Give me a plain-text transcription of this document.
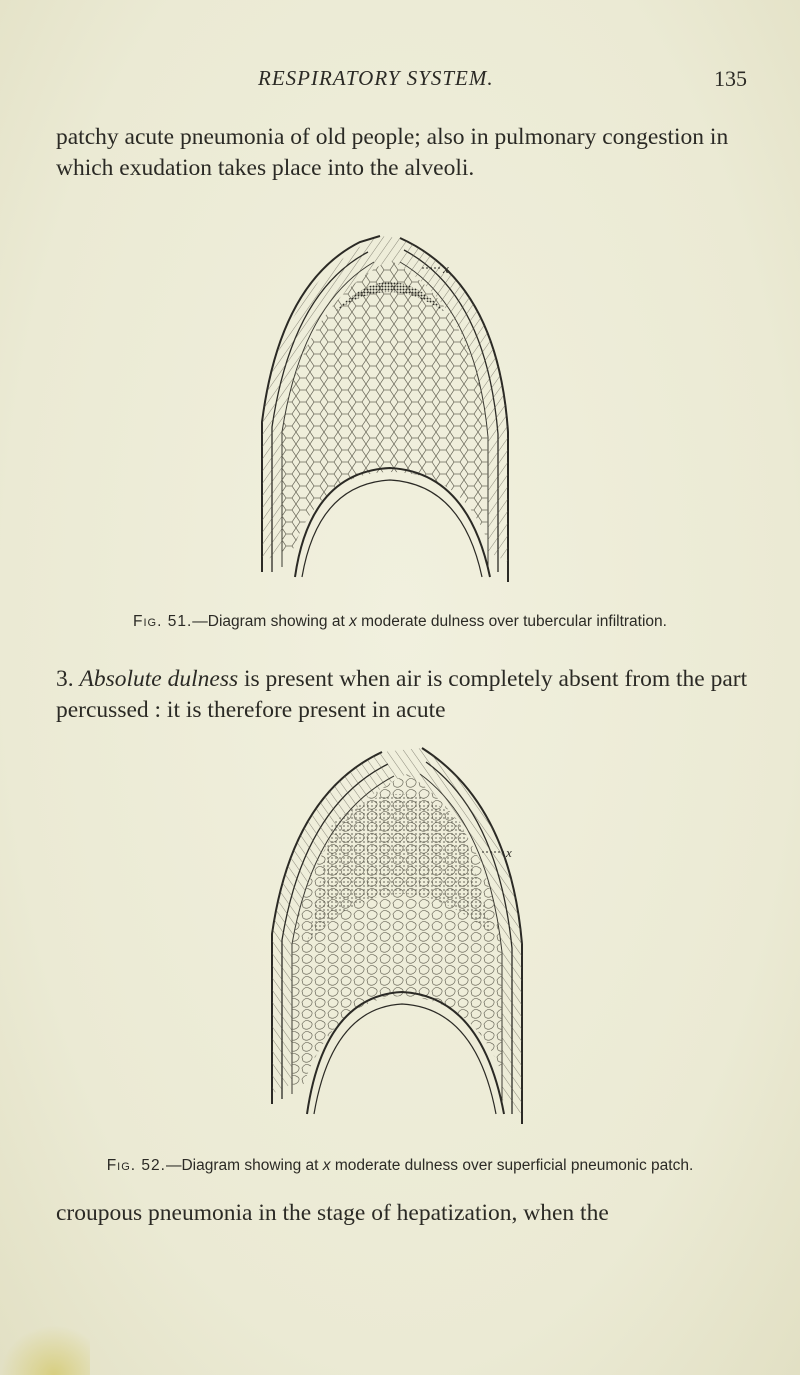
RESPIRATORY SYSTEM.	135

patchy acute pneumonia of old people; also in pulmonary congestion in which exudation takes place into the alveoli.

x
Fig. 51.—Diagram showing at x moderate dulness over tubercular infiltration.

3. Absolute dulness is present when air is completely absent from the part percussed : it is therefore present in acute

x
Fig. 52.—Diagram showing at x moderate dulness over superficial pneumonic patch.

croupous pneumonia in the stage of hepatization, when the
